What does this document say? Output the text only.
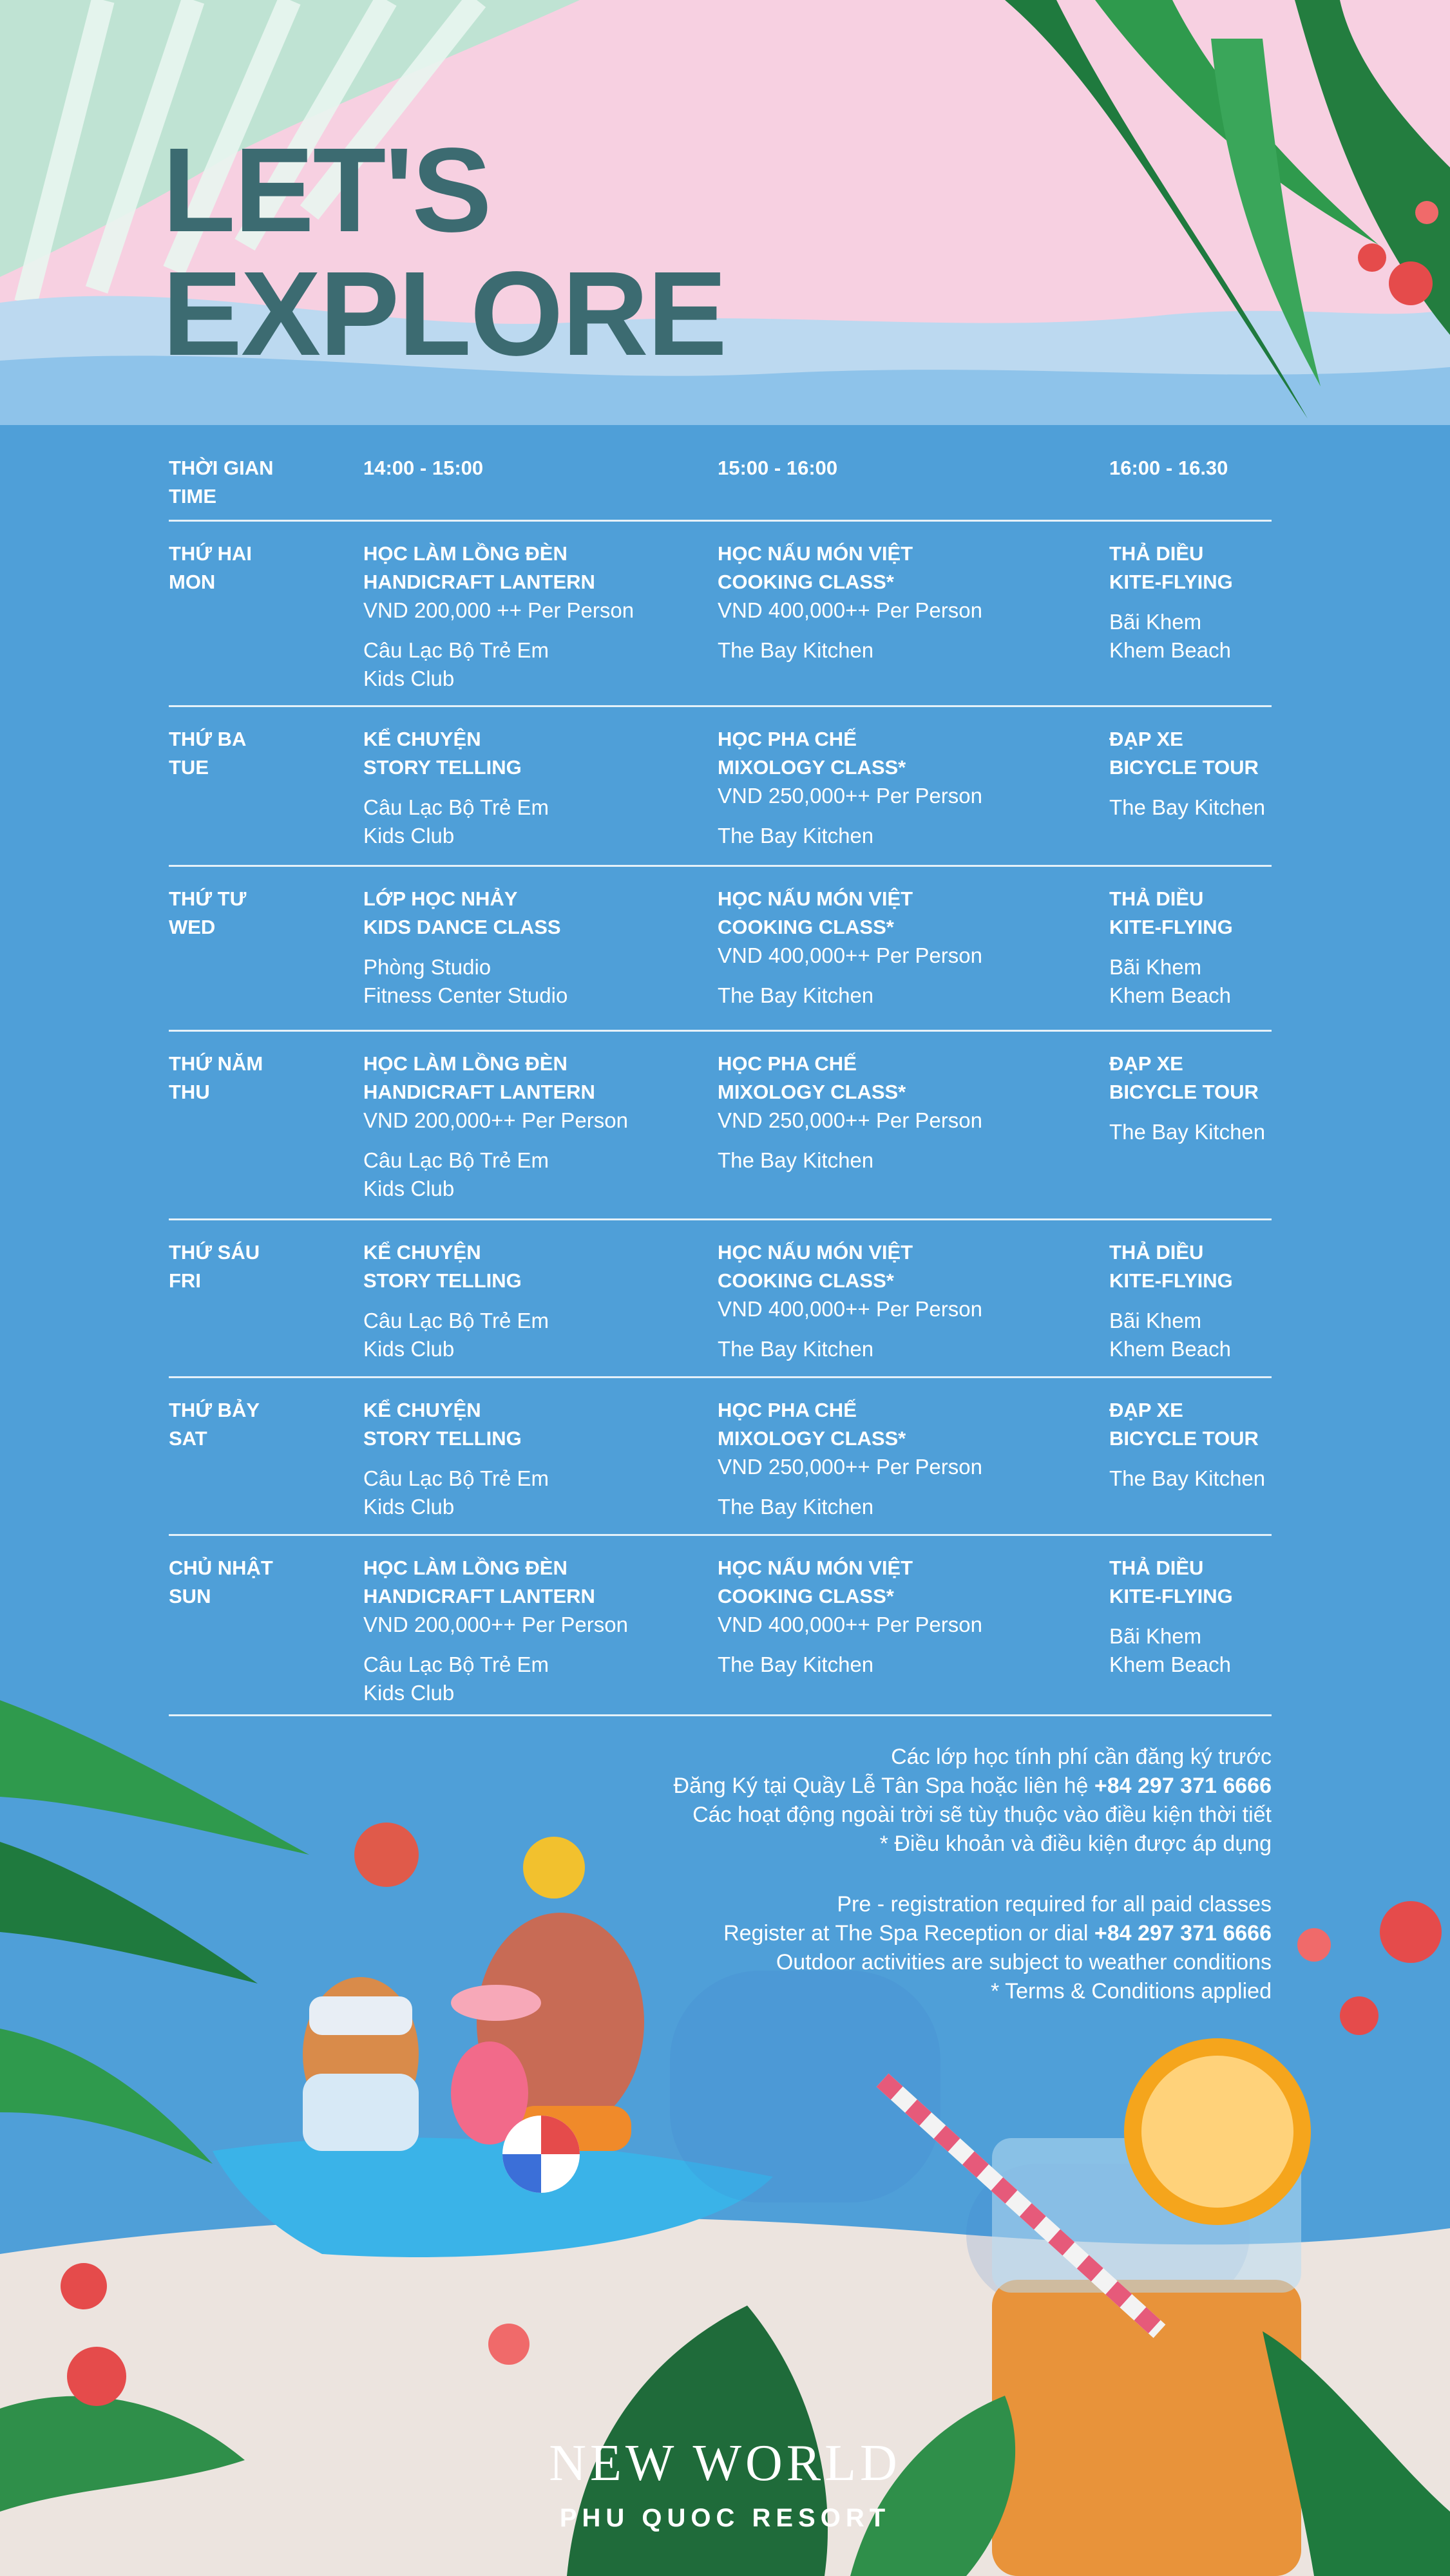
LET'S
EXPLORE
THỜI GIAN
TIME
14:00 - 15:00	15:00 - 16:00	16:00 - 16.30
THỨ HAI
MON
HỌC LÀM LỒNG ĐÈN
HANDICRAFT LANTERN
VND 200,000 ++ Per Person
Câu Lạc Bộ Trẻ Em
Kids Club
HỌC NẤU MÓN VIỆT
COOKING CLASS*
VND 400,000++ Per Person
The Bay Kitchen
THẢ DIỀU
KITE-FLYING
Bãi Khem
Khem Beach
THỨ BA
TUE
KỂ CHUYỆN
STORY TELLING
Câu Lạc Bộ Trẻ Em
Kids Club
HỌC PHA CHẾ
MIXOLOGY CLASS*
VND 250,000++ Per Person
The Bay Kitchen
ĐẠP XE
BICYCLE TOUR
The Bay Kitchen
THỨ TƯ
WED
LỚP HỌC NHẢY
KIDS DANCE CLASS
Phòng Studio
Fitness Center Studio
HỌC NẤU MÓN VIỆT
COOKING CLASS*
VND 400,000++ Per Person
The Bay Kitchen
THẢ DIỀU
KITE-FLYING
Bãi Khem
Khem Beach
THỨ NĂM
THU
HỌC LÀM LỒNG ĐÈN
HANDICRAFT LANTERN
VND 200,000++ Per Person
Câu Lạc Bộ Trẻ Em
Kids Club
HỌC PHA CHẾ
MIXOLOGY CLASS*
VND 250,000++ Per Person
The Bay Kitchen
ĐẠP XE
BICYCLE TOUR
The Bay Kitchen
THỨ SÁU
FRI
KỂ CHUYỆN
STORY TELLING
Câu Lạc Bộ Trẻ Em
Kids Club
HỌC NẤU MÓN VIỆT
COOKING CLASS*
VND 400,000++ Per Person
The Bay Kitchen
THẢ DIỀU
KITE-FLYING
Bãi Khem
Khem Beach
THỨ BẢY
SAT
KỂ CHUYỆN
STORY TELLING
Câu Lạc Bộ Trẻ Em
Kids Club
HỌC PHA CHẾ
MIXOLOGY CLASS*
VND 250,000++ Per Person
The Bay Kitchen
ĐẠP XE
BICYCLE TOUR
The Bay Kitchen
CHỦ NHẬT
SUN
HỌC LÀM LỒNG ĐÈN
HANDICRAFT LANTERN
VND 200,000++ Per Person
Câu Lạc Bộ Trẻ Em
Kids Club
HỌC NẤU MÓN VIỆT
COOKING CLASS*
VND 400,000++ Per Person
The Bay Kitchen
THẢ DIỀU
KITE-FLYING
Bãi Khem
Khem Beach
Các lớp học tính phí cần đăng ký trước
Đăng Ký tại Quầy Lễ Tân Spa hoặc liên hệ +84 297 371 6666
Các hoạt động ngoài trời sẽ tùy thuộc vào điều kiện thời tiết
* Điều khoản và điều kiện được áp dụng
Pre - registration required for all paid classes
Register at The Spa Reception or dial +84 297 371 6666
Outdoor activities are subject to weather conditions
* Terms & Conditions applied
NEW WORLD
PHU QUOC RESORT
